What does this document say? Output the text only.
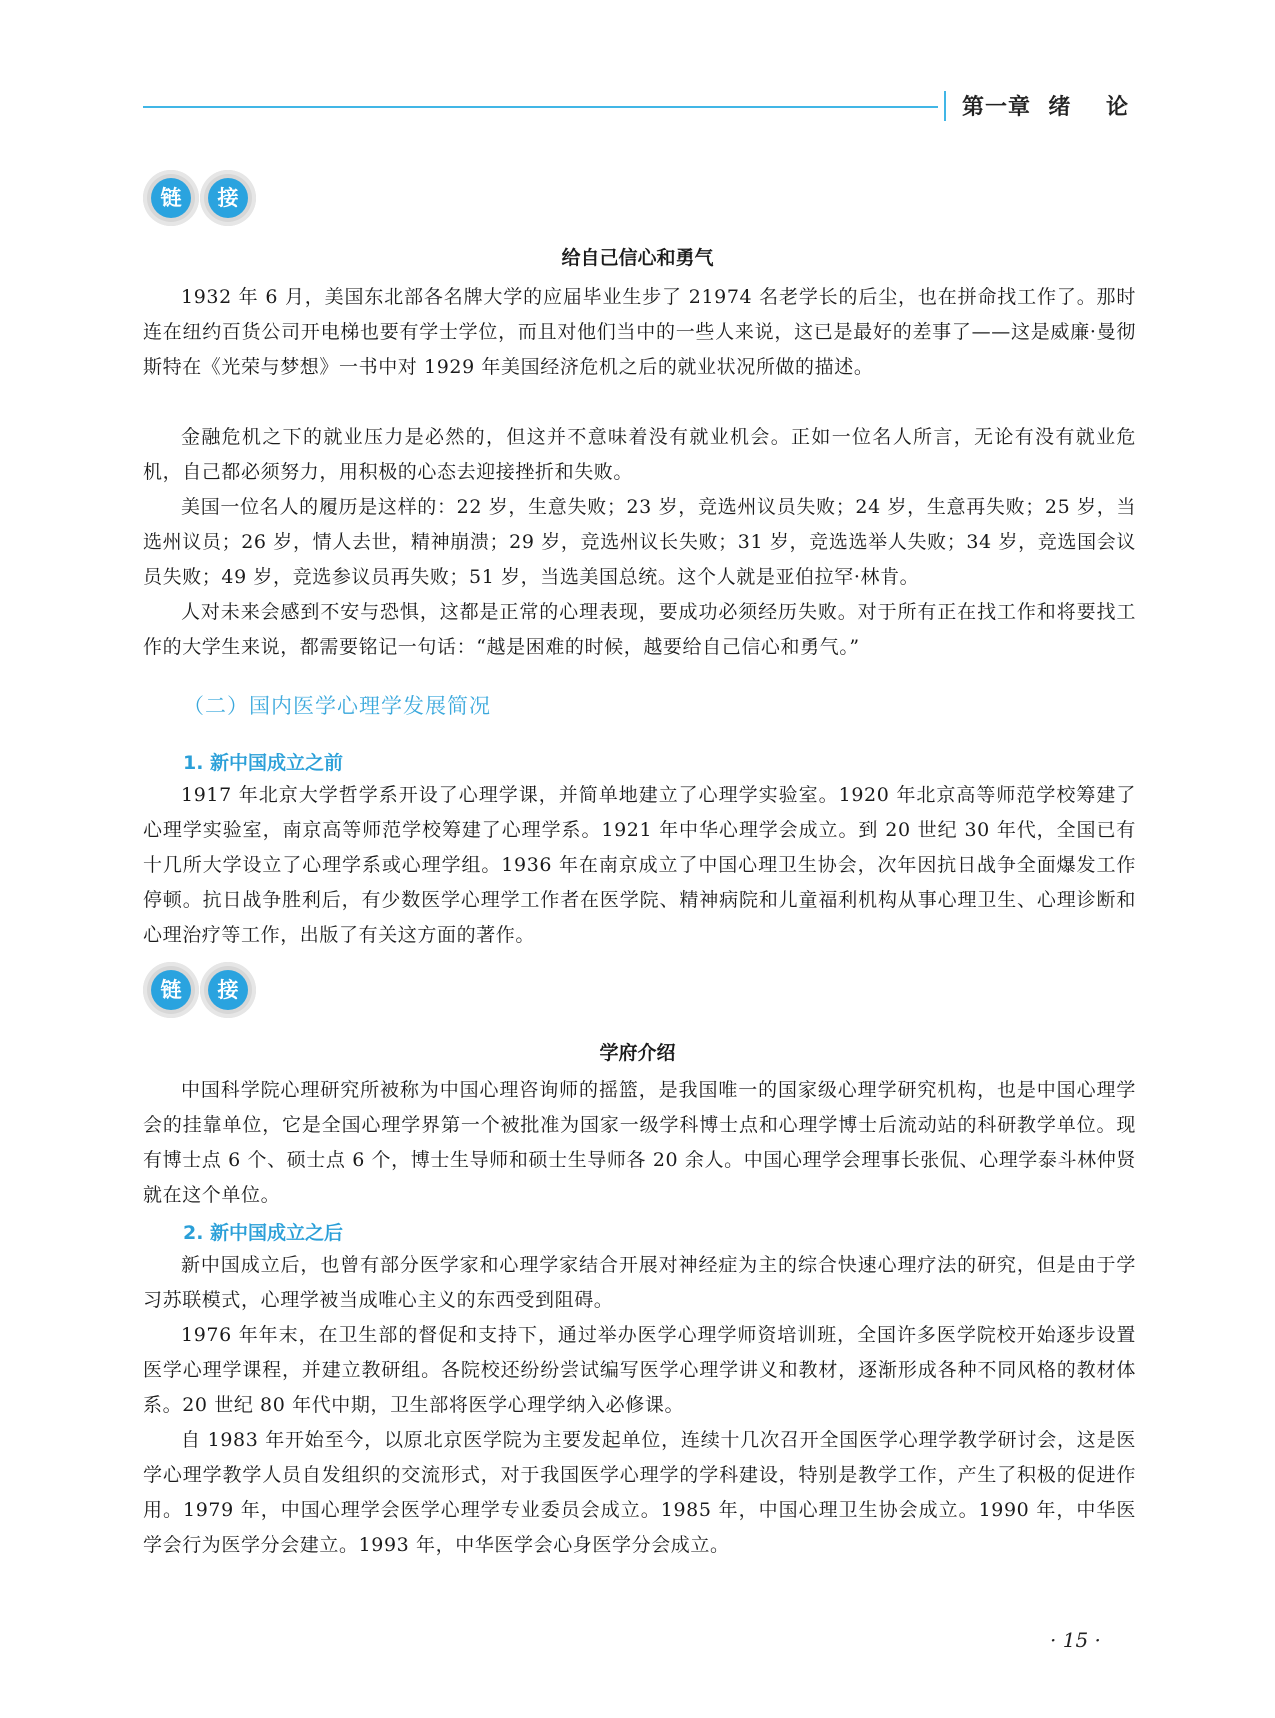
第一章  绪    论
链	接
给自己信心和勇气

1932 年 6 月，美国东北部各名牌大学的应届毕业生步了 21974 名老学长的后尘，也在拼命找工作了。那时连在纽约百货公司开电梯也要有学士学位，而且对他们当中的一些人来说，这已是最好的差事了——这是威廉·曼彻斯特在《光荣与梦想》一书中对 1929 年美国经济危机之后的就业状况所做的描述。

金融危机之下的就业压力是必然的，但这并不意味着没有就业机会。正如一位名人所言，无论有没有就业危机，自己都必须努力，用积极的心态去迎接挫折和失败。

美国一位名人的履历是这样的：22 岁，生意失败；23 岁，竞选州议员失败；24 岁，生意再失败；25 岁，当选州议员；26 岁，情人去世，精神崩溃；29 岁，竞选州议长失败；31 岁，竞选选举人失败；34 岁，竞选国会议员失败；49 岁，竞选参议员再失败；51 岁，当选美国总统。这个人就是亚伯拉罕·林肯。

人对未来会感到不安与恐惧，这都是正常的心理表现，要成功必须经历失败。对于所有正在找工作和将要找工作的大学生来说，都需要铭记一句话：“越是困难的时候，越要给自己信心和勇气。”

（二）国内医学心理学发展简况
1. 新中国成立之前

1917 年北京大学哲学系开设了心理学课，并简单地建立了心理学实验室。1920 年北京高等师范学校筹建了心理学实验室，南京高等师范学校筹建了心理学系。1921 年中华心理学会成立。到 20 世纪 30 年代，全国已有十几所大学设立了心理学系或心理学组。1936 年在南京成立了中国心理卫生协会，次年因抗日战争全面爆发工作停顿。抗日战争胜利后，有少数医学心理学工作者在医学院、精神病院和儿童福利机构从事心理卫生、心理诊断和心理治疗等工作，出版了有关这方面的著作。

链	接
学府介绍

中国科学院心理研究所被称为中国心理咨询师的摇篮，是我国唯一的国家级心理学研究机构，也是中国心理学会的挂靠单位，它是全国心理学界第一个被批准为国家一级学科博士点和心理学博士后流动站的科研教学单位。现有博士点 6 个、硕士点 6 个，博士生导师和硕士生导师各 20 余人。中国心理学会理事长张侃、心理学泰斗林仲贤就在这个单位。

2. 新中国成立之后

新中国成立后，也曾有部分医学家和心理学家结合开展对神经症为主的综合快速心理疗法的研究，但是由于学习苏联模式，心理学被当成唯心主义的东西受到阻碍。

1976 年年末，在卫生部的督促和支持下，通过举办医学心理学师资培训班，全国许多医学院校开始逐步设置医学心理学课程，并建立教研组。各院校还纷纷尝试编写医学心理学讲义和教材，逐渐形成各种不同风格的教材体系。20 世纪 80 年代中期，卫生部将医学心理学纳入必修课。

自 1983 年开始至今，以原北京医学院为主要发起单位，连续十几次召开全国医学心理学教学研讨会，这是医学心理学教学人员自发组织的交流形式，对于我国医学心理学的学科建设，特别是教学工作，产生了积极的促进作用。1979 年，中国心理学会医学心理学专业委员会成立。1985 年，中国心理卫生协会成立。1990 年，中华医学会行为医学分会建立。1993 年，中华医学会心身医学分会成立。

· 15 ·
